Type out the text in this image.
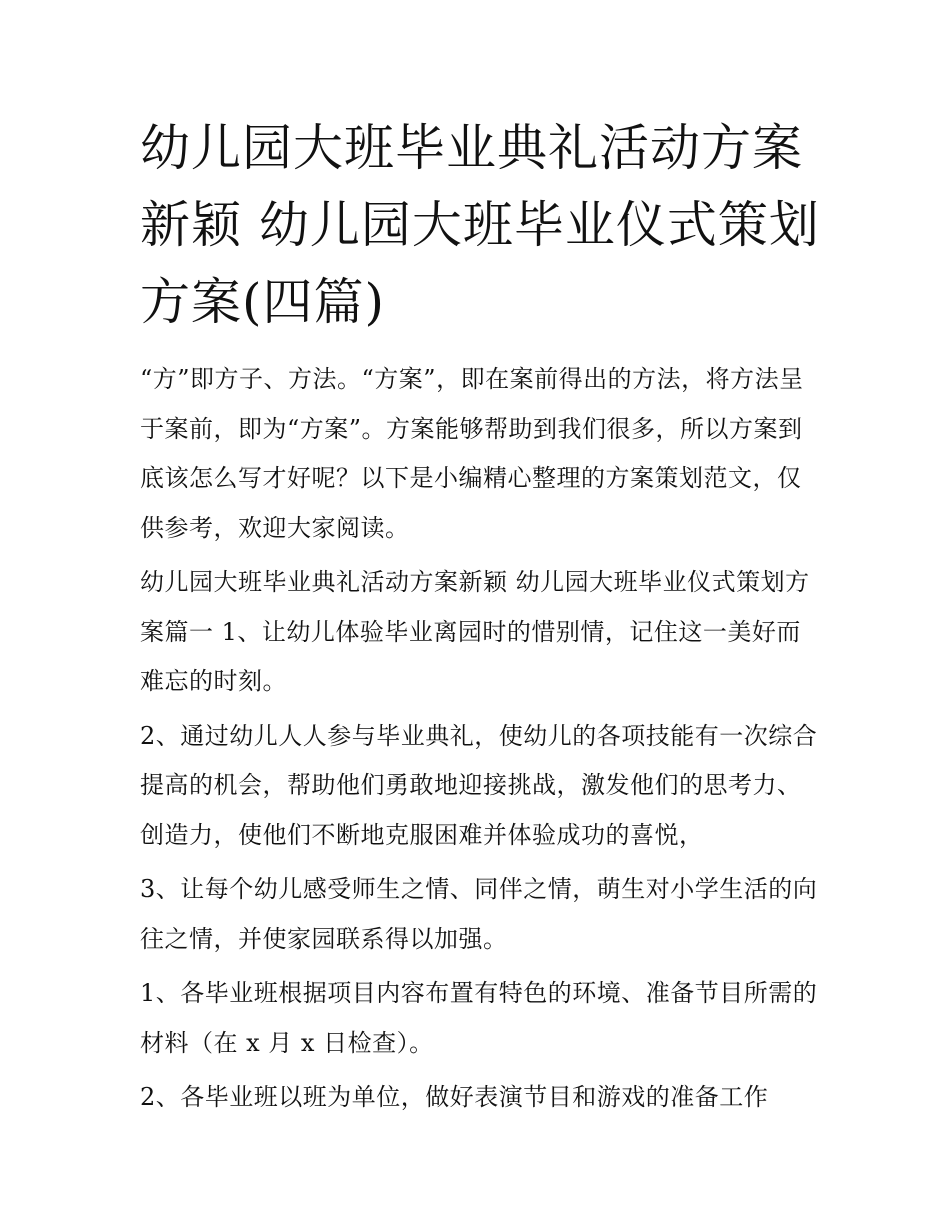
幼儿园大班毕业典礼活动方案新颖 幼儿园大班毕业仪式策划方案(四篇)

“方”即方子、方法。“方案”，即在案前得出的方法，将方法呈于案前，即为“方案”。方案能够帮助到我们很多，所以方案到底该怎么写才好呢？以下是小编精心整理的方案策划范文，仅供参考，欢迎大家阅读。

幼儿园大班毕业典礼活动方案新颖 幼儿园大班毕业仪式策划方案篇一 1、让幼儿体验毕业离园时的惜别情，记住这一美好而难忘的时刻。

2、通过幼儿人人参与毕业典礼，使幼儿的各项技能有一次综合提高的机会，帮助他们勇敢地迎接挑战，激发他们的思考力、创造力，使他们不断地克服困难并体验成功的喜悦，

3、让每个幼儿感受师生之情、同伴之情，萌生对小学生活的向往之情，并使家园联系得以加强。

1、各毕业班根据项目内容布置有特色的环境、准备节目所需的材料（在 x 月 x 日检查）。

2、各毕业班以班为单位，做好表演节目和游戏的准备工作
